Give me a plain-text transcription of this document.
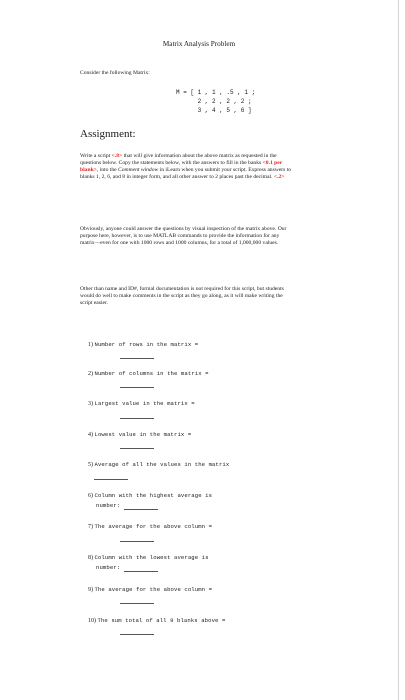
Matrix Analysis Problem
Consider the following Matrix:
M = [ 1 , 1 , .5 , 1 ;
2 , 2 , 2 , 2 ;
3 , 4 , 5 , 6 ]
Assignment:
Write a script <.8> that will give information about the above matrix as requested in the questions below. Copy the statements below, with the answers to fill in the banks <0.1 per blank>, into the Comment window in iLearn when you submit your script. Express answers to blanks 1, 2, 6, and 8 in integer form, and all other answer to 2 places past the decimal. <.2>
Obviously, anyone could answer the questions by visual inspection of the matrix above. Our purpose here, however, is to use MATLAB commands to provide the information for any matrix—even for one with 1000 rows and 1000 columns, for a total of 1,000,000 values.
Other than name and ID#, formal documentation is not required for this script, but students would do well to make comments in the script as they go along, as it will make writing the script easier.
1) Number of rows in the matrix =
2) Number of columns in the matrix =
3) Largest value in the matrix =
4) Lowest value in the matrix =
5) Average of all the values in the matrix
6) Column with the highest average is
number:
7) The average for the above column =
8) Column with the lowest average is
number:
9) The average for the above column =
10) The sum total of all 9 blanks above =
